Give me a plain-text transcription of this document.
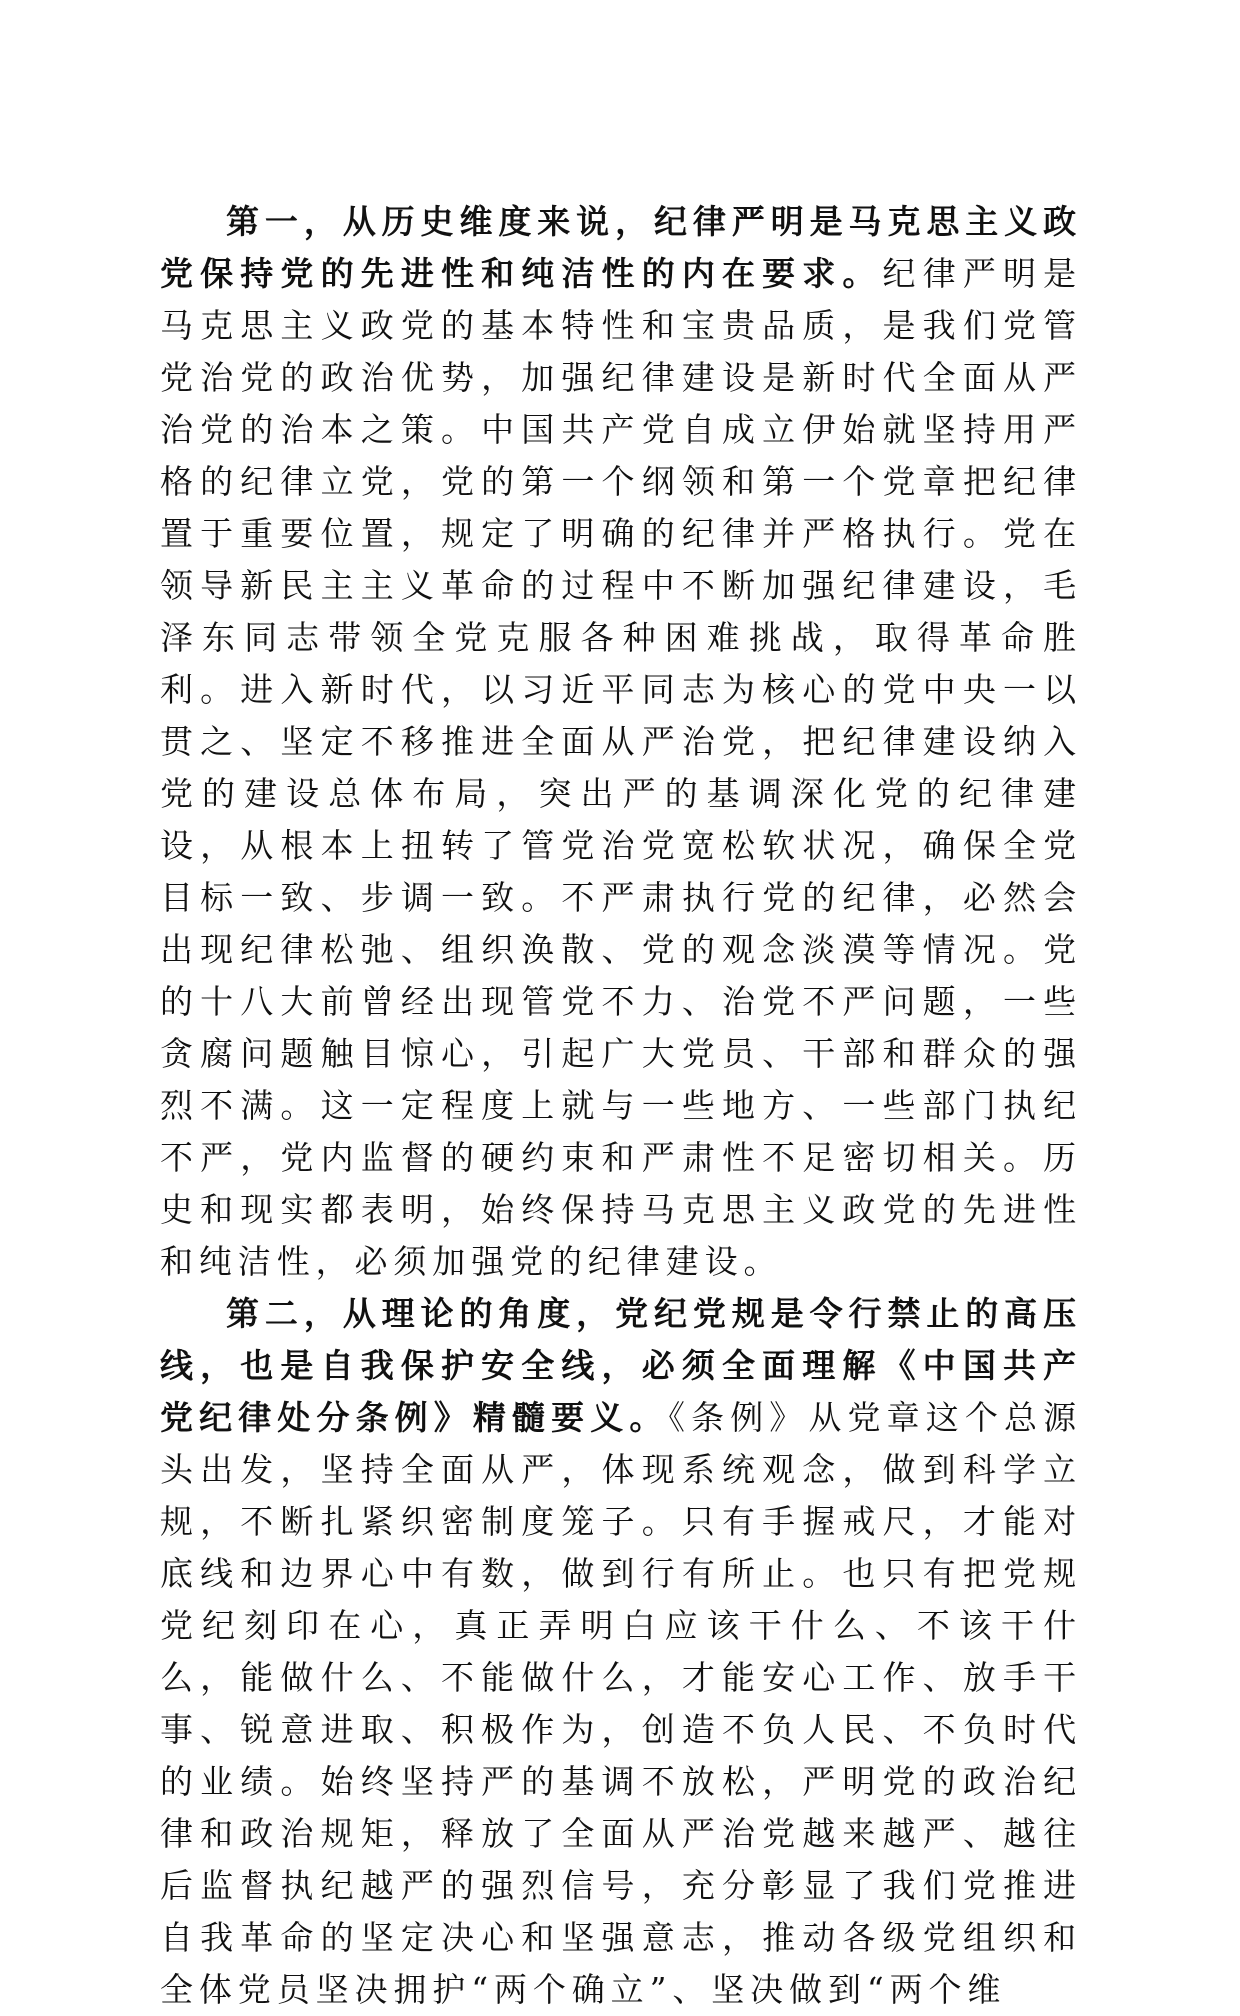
第一，从历史维度来说，纪律严明是马克思主义政党保持党的先进性和纯洁性的内在要求。纪律严明是马克思主义政党的基本特性和宝贵品质，是我们党管党治党的政治优势，加强纪律建设是新时代全面从严治党的治本之策。中国共产党自成立伊始就坚持用严格的纪律立党，党的第一个纲领和第一个党章把纪律置于重要位置，规定了明确的纪律并严格执行。党在领导新民主主义革命的过程中不断加强纪律建设，毛泽东同志带领全党克服各种困难挑战，取得革命胜利。进入新时代，以习近平同志为核心的党中央一以贯之、坚定不移推进全面从严治党，把纪律建设纳入党的建设总体布局，突出严的基调深化党的纪律建设，从根本上扭转了管党治党宽松软状况，确保全党目标一致、步调一致。不严肃执行党的纪律，必然会出现纪律松弛、组织涣散、党的观念淡漠等情况。党的十八大前曾经出现管党不力、治党不严问题，一些贪腐问题触目惊心，引起广大党员、干部和群众的强烈不满。这一定程度上就与一些地方、一些部门执纪不严，党内监督的硬约束和严肃性不足密切相关。历史和现实都表明，始终保持马克思主义政党的先进性和纯洁性，必须加强党的纪律建设。

第二，从理论的角度，党纪党规是令行禁止的高压线，也是自我保护安全线，必须全面理解《中国共产党纪律处分条例》精髓要义。《条例》从党章这个总源头出发，坚持全面从严，体现系统观念，做到科学立规，不断扎紧织密制度笼子。只有手握戒尺，才能对底线和边界心中有数，做到行有所止。也只有把党规党纪刻印在心，真正弄明白应该干什么、不该干什么，能做什么、不能做什么，才能安心工作、放手干事、锐意进取、积极作为，创造不负人民、不负时代的业绩。始终坚持严的基调不放松，严明党的政治纪律和政治规矩，释放了全面从严治党越来越严、越往后监督执纪越严的强烈信号，充分彰显了我们党推进自我革命的坚定决心和坚强意志，推动各级党组织和全体党员坚决拥护“两个确立”、坚决做到“两个维
